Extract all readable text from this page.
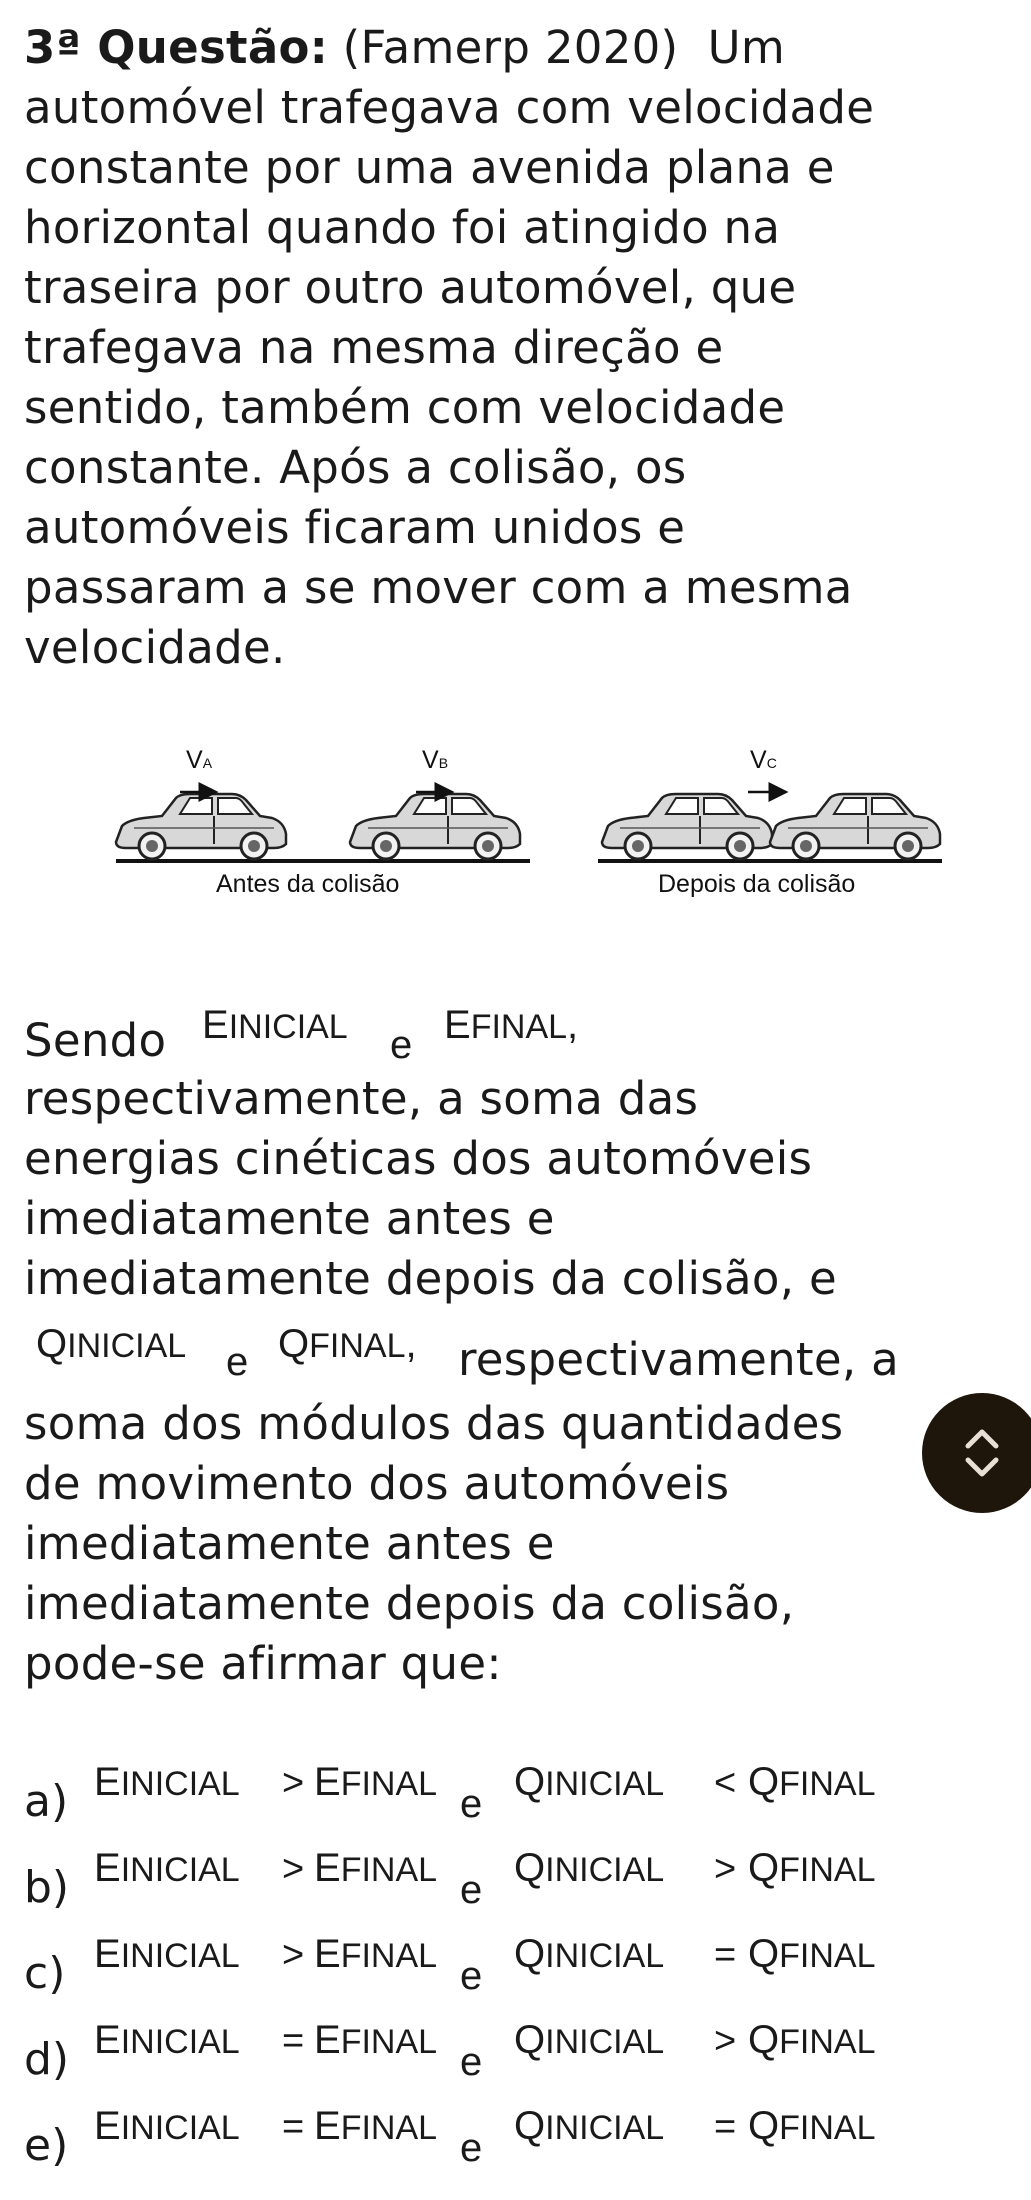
3ª Questão: (Famerp 2020) Um
automóvel trafegava com velocidade
constante por uma avenida plana e
horizontal quando foi atingido na
traseira por outro automóvel, que
trafegava na mesma direção e
sentido, também com velocidade
constante. Após a colisão, os
automóveis ficaram unidos e
passaram a se mover com a mesma
velocidade.
VA	VB	VC
Antes da colisão	Depois da colisão
Sendo EINICIAL e EFINAL,
respectivamente, a soma das
energias cinéticas dos automóveis
imediatamente antes e
imediatamente depois da colisão, e
QINICIAL e QFINAL, respectivamente, a
soma dos módulos das quantidades
de movimento dos automóveis
imediatamente antes e
imediatamente depois da colisão,
pode-se afirmar que:
a) EINICIAL > EFINAL e QINICIAL < QFINAL
b) EINICIAL > EFINAL e QINICIAL > QFINAL
c) EINICIAL > EFINAL e QINICIAL = QFINAL
d) EINICIAL = EFINAL e QINICIAL > QFINAL
e) EINICIAL = EFINAL e QINICIAL = QFINAL
